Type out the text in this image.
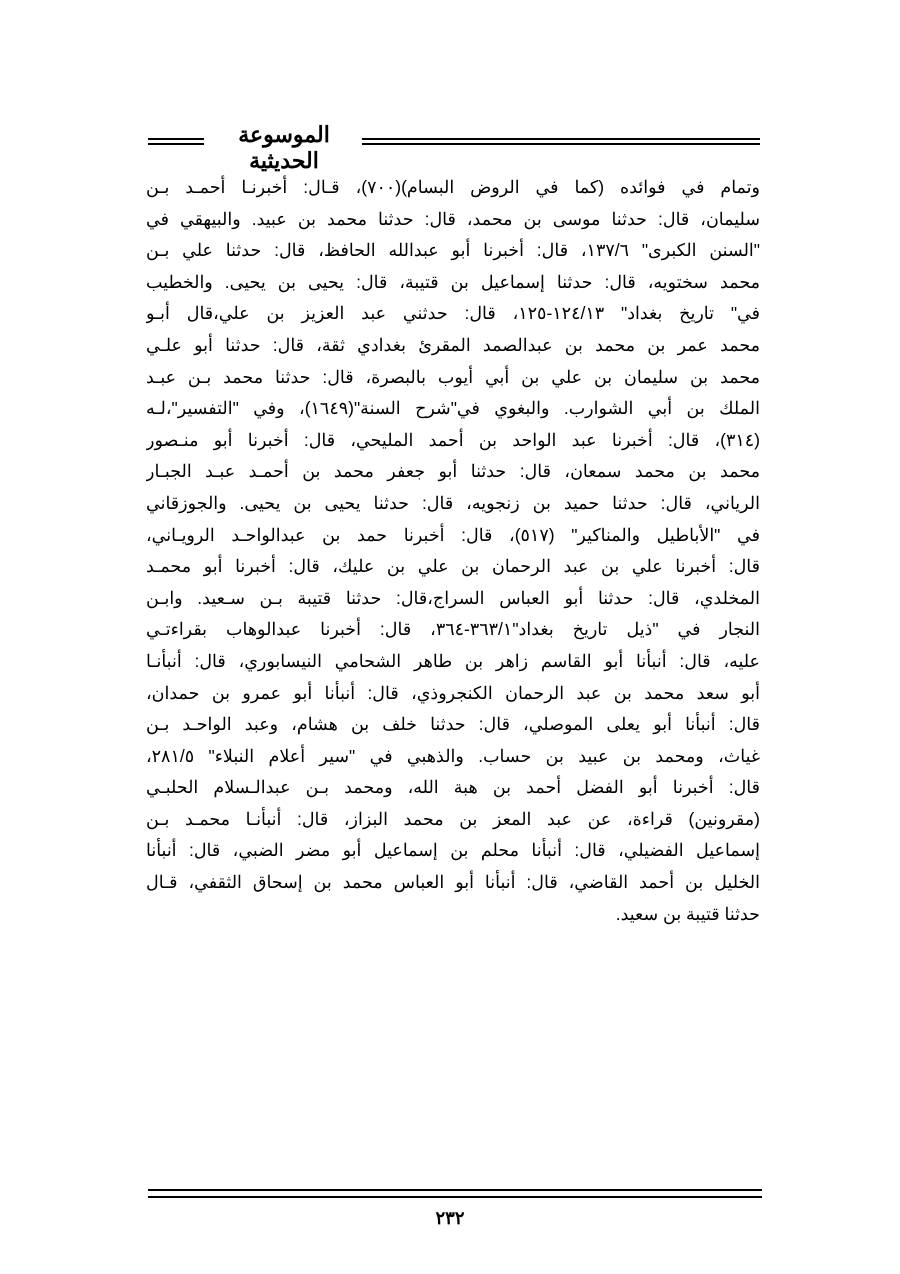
الموسوعة الحديثية
وتمام في فوائده (كما في الروض البسام)(٧٠٠)، قـال: أخبرنـا أحمـد بـن
سليمان، قال: حدثنا موسى بن محمد، قال: حدثنا محمد بن عبيد. والبيهقي في
"السنن الكبرى" ١٣٧/٦، قال: أخبرنا أبو عبدالله الحافظ، قال: حدثنا علي بـن
محمد سختويه، قال: حدثنا إسماعيل بن قتيبة، قال: يحيى بن يحيى. والخطيب
في" تاريخ بغداد" ١٢٤/١٣-١٢٥، قال: حدثني عبد العزيز بن علي،قال أبـو
محمد عمر بن محمد بن عبدالصمد المقرئ بغدادي ثقة، قال: حدثنا أبو علـي
محمد بن سليمان بن علي بن أبي أيوب بالبصرة، قال: حدثنا محمد بـن عبـد
الملك بن أبي الشوارب. والبغوي في"شرح السنة"(١٦٤٩)، وفي "التفسير"،لـه
(٣١٤)، قال: أخبرنا عبد الواحد بن أحمد المليحي، قال: أخبرنا أبو منـصور
محمد بن محمد سمعان، قال: حدثنا أبو جعفر محمد بن أحمـد عبـد الجبـار
الرياني، قال: حدثنا حميد بن زنجويه، قال: حدثنا يحيى بن يحيى. والجوزقاني
في "الأباطيل والمناكير" (٥١٧)، قال: أخبرنا حمد بن عبدالواحـد الرويـاني،
قال: أخبرنا علي بن عبد الرحمان بن علي بن عليك، قال: أخبرنا أبو محمـد
المخلدي، قال: حدثنا أبو العباس السراج،قال: حدثنا قتيبة بـن سـعيد. وابـن
النجار في "ذيل تاريخ بغداد"٣٦٣/١-٣٦٤، قال: أخبرنا عبدالوهاب بقراءتـي
عليه، قال: أنبأنا أبو القاسم زاهر بن طاهر الشحامي النيسابوري، قال: أنبأنـا
أبو سعد محمد بن عبد الرحمان الكنجروذي، قال: أنبأنا أبو عمرو بن حمدان،
قال: أنبأنا أبو يعلى الموصلي، قال: حدثنا خلف بن هشام، وعبد الواحـد بـن
غياث، ومحمد بن عبيد بن حساب. والذهبي في "سير أعلام النبلاء" ٢٨١/٥،
قال: أخبرنا أبو الفضل أحمد بن هبة الله، ومحمد بـن عبدالـسلام الحلبـي
(مقرونين) قراءة، عن عبد المعز بن محمد البزاز، قال: أنبأنـا محمـد بـن
إسماعيل الفضيلي، قال: أنبأنا محلم بن إسماعيل أبو مضر الضبي، قال: أنبأنا
الخليل بن أحمد القاضي، قال: أنبأنا أبو العباس محمد بن إسحاق الثقفي، قـال
حدثنا قتيبة بن سعيد.
٢٣٢
